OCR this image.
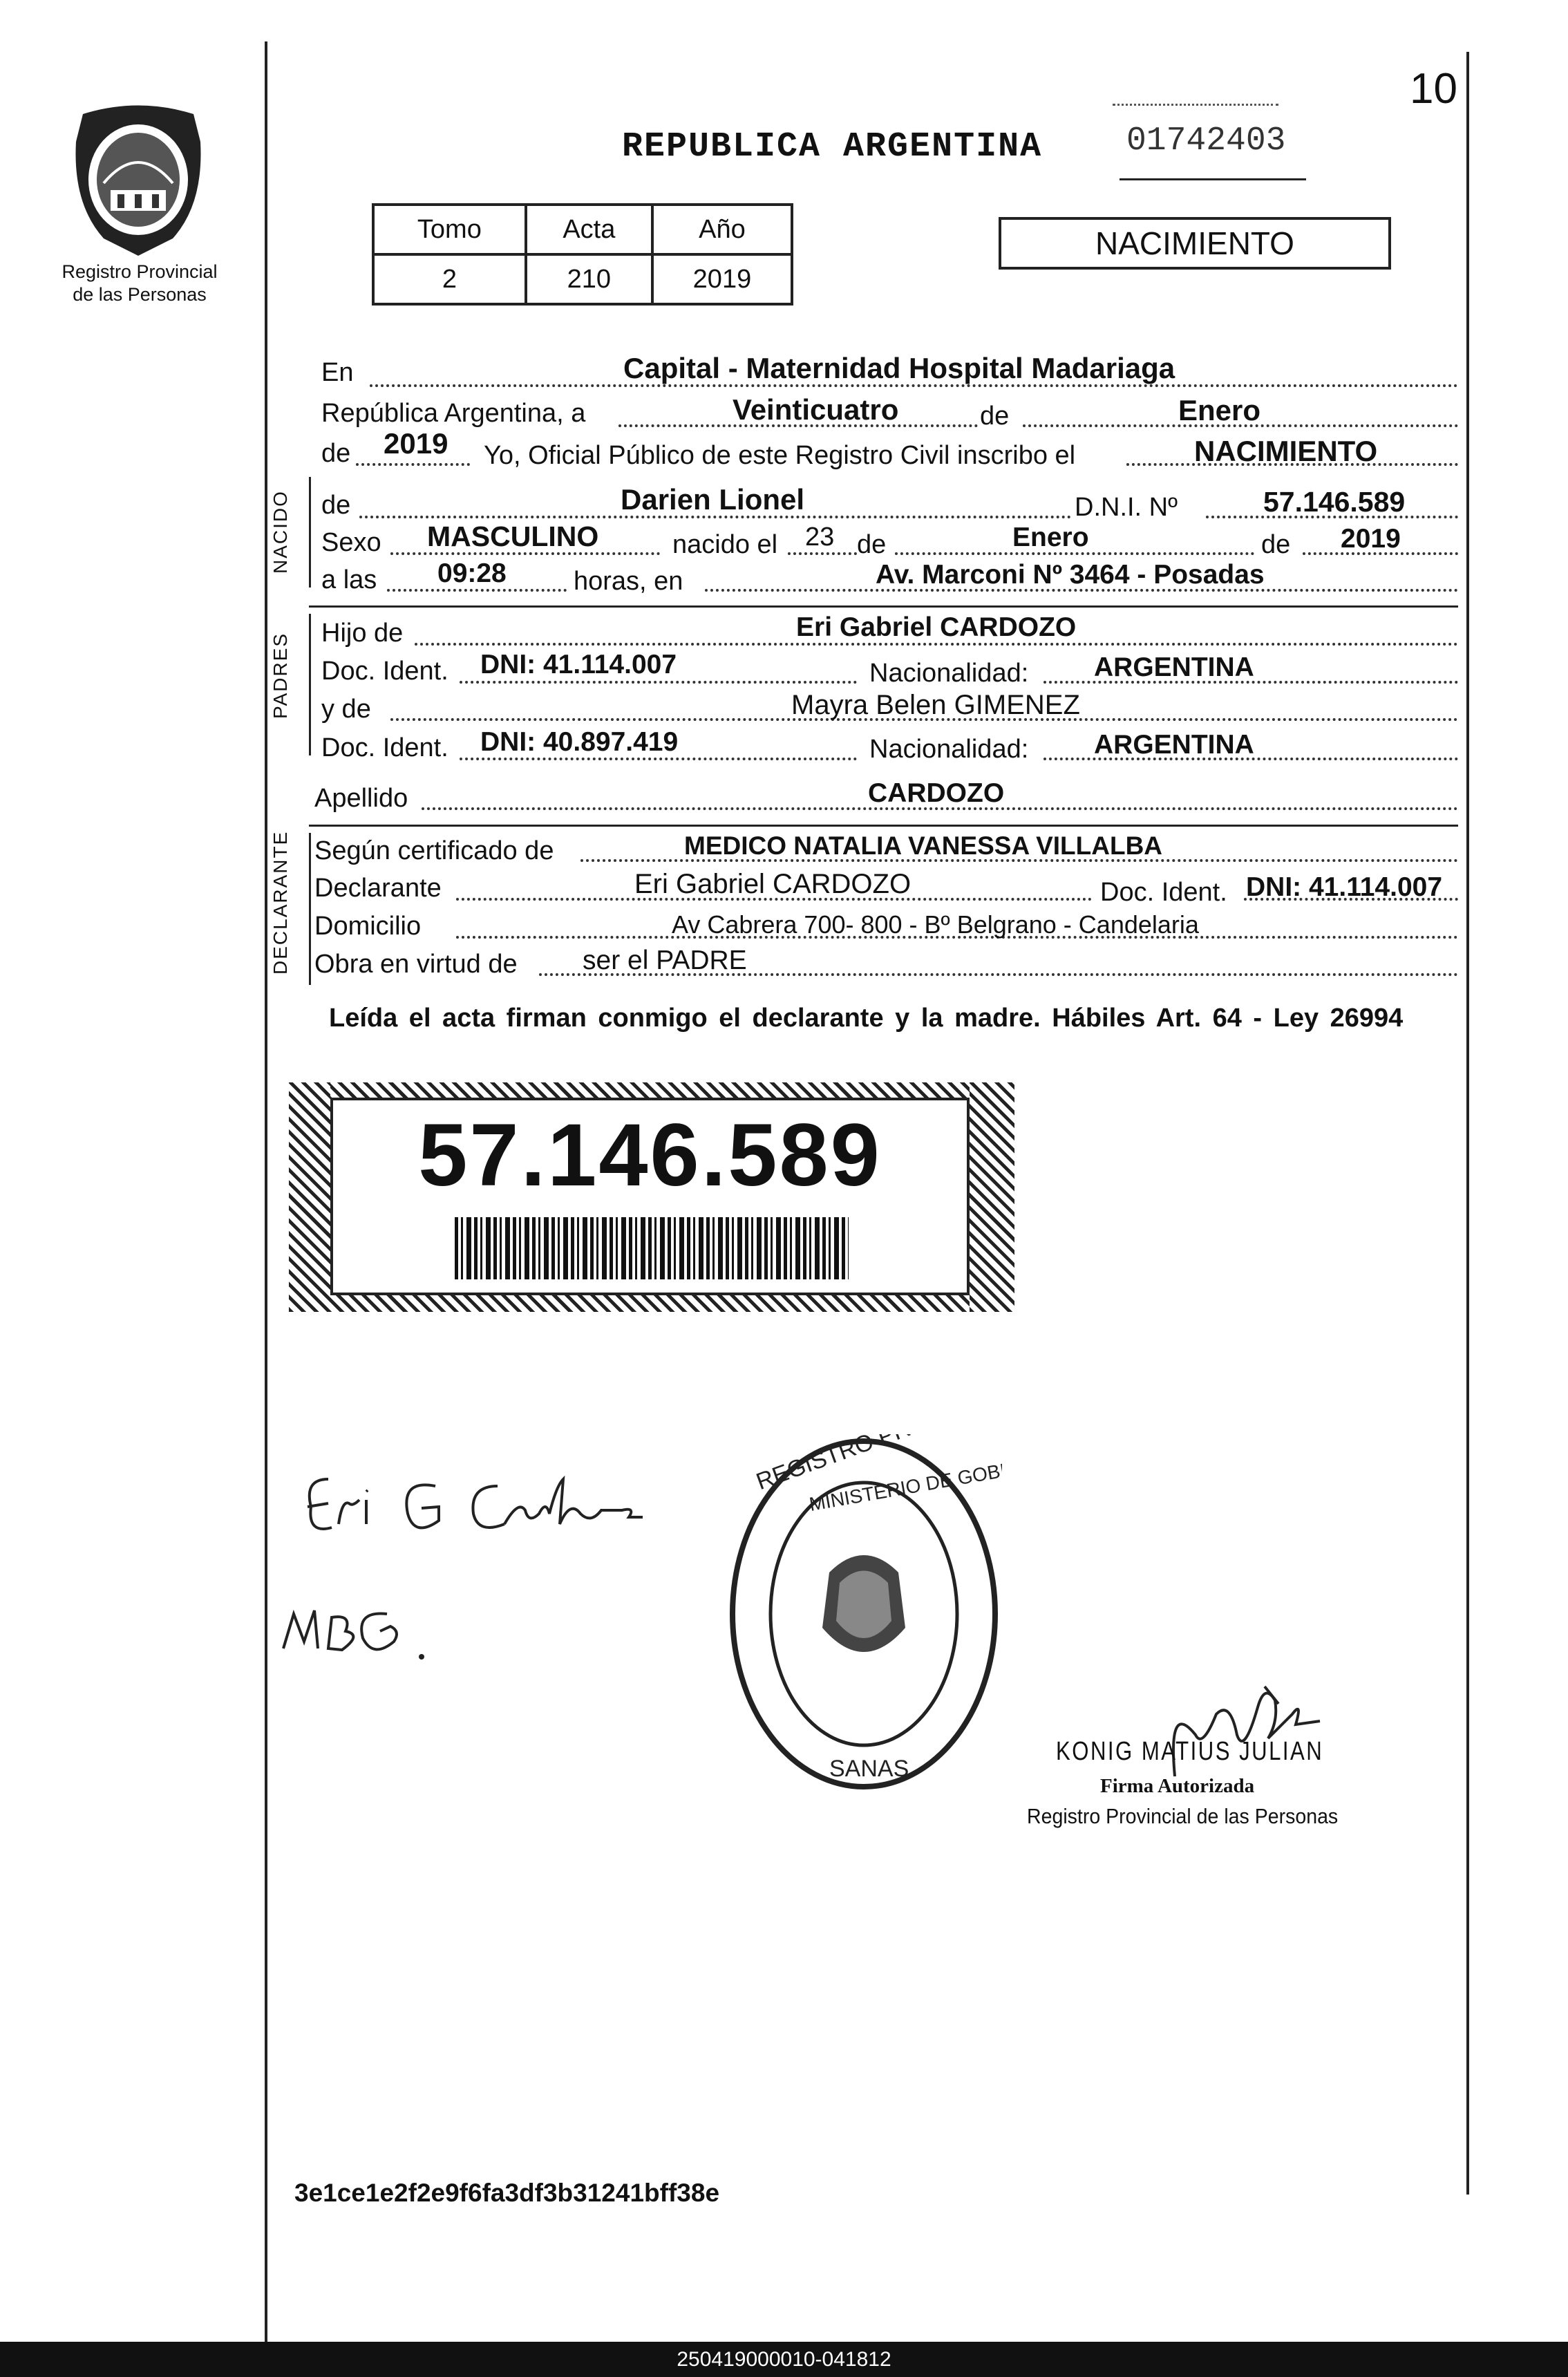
Registro Provincial
de las Personas
10
REPUBLICA ARGENTINA	01742403
Tomo	Acta	Año
2	210	2019
NACIMIENTO
En	Capital - Maternidad Hospital Madariaga
República Argentina, a	Veinticuatro	de	Enero
de 2019 Yo, Oficial Público de este Registro Civil inscribo el	NACIMIENTO
NACIDO de	Darien Lionel	D.N.I. Nº	57.146.589
Sexo MASCULINO	nacido el 23 de	Enero	de 2019
a las 09:28	horas, en	Av. Marconi Nº 3464 - Posadas
PADRES Hijo de	Eri Gabriel CARDOZO
Doc. Ident. DNI: 41.114.007	Nacionalidad: ARGENTINA
y de	Mayra Belen GIMENEZ
Doc. Ident. DNI: 40.897.419	Nacionalidad: ARGENTINA
Apellido	CARDOZO
DECLARANTE Según certificado de	MEDICO NATALIA VANESSA VILLALBA
Declarante	Eri Gabriel CARDOZO	Doc. Ident. DNI: 41.114.007
Domicilio	Av Cabrera 700- 800 - Bº Belgrano - Candelaria
Obra en virtud de ser el PADRE
Leída el acta firman conmigo el declarante y la madre. Hábiles Art. 64 - Ley 26994
57.146.589
REGISTRO PROVINCIAL
MINISTERIO DE GOBIERNO
SANAS
KONIG MATIUS JULIAN
Firma Autorizada
Registro Provincial de las Personas
3e1ce1e2f2e9f6fa3df3b31241bff38e
250419000010-041812
